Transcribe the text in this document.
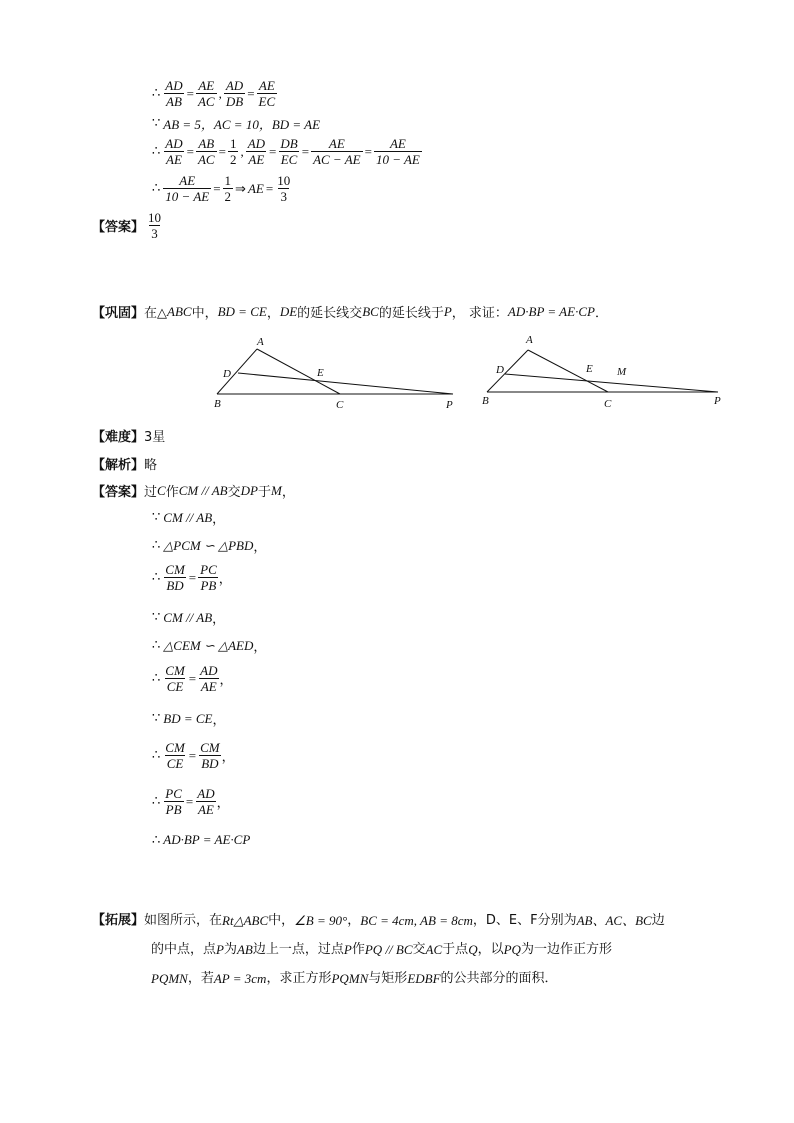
∴ $\frac{AD}{AB} = \frac{AE}{AC}$ , $\frac{AD}{DB} = \frac{AE}{EC}$
∵ AB = 5，AC = 10，BD = AE
∴ $\frac{AD}{AE} = \frac{AB}{AC} = \frac{1}{2}$ , $\frac{AD}{AE} = \frac{DB}{EC} = \frac{AE}{AC - AE} = \frac{AE}{10 - AE}$
∴ $\frac{AE}{10 - AE} = \frac{1}{2}$ ⇒ AE = $\frac{10}{3}$
【答案】 $\frac{10}{3}$
【巩固】 在△ ABC 中， BD = CE ， DE 的延长线交 BC 的延长线于 P ， 求证： AD·BP = AE·CP ．
A
D	E
B	C	P
A
D	E M
B	C	P
【难度】 3星
【解析】 略
【答案】 过 C 作 CM // AB 交 DP 于 M ，
∵ CM // AB ，
∴ △PCM ∽ △PBD ，
∴ $\frac{CM}{BD} = \frac{PC}{PB}$ ，
∵ CM // AB ，
∴ △CEM ∽ △AED ，
∴ $\frac{CM}{CE} = \frac{AD}{AE}$ ，
∵ BD = CE ，
∴ $\frac{CM}{CE} = \frac{CM}{BD}$ ，
∴ $\frac{PC}{PB} = \frac{AD}{AE}$ ，
∴ AD·BP = AE·CP
【拓展】 如图所示，在 Rt△ABC 中， ∠B = 90° ， BC = 4cm, AB = 8cm ，D、E、F分别为 AB、AC、BC 边
的中点，点 P 为 AB 边上一点，过点 P 作 PQ // BC 交 AC 于点 Q ，以 PQ 为一边作正方形
PQMN ，若 AP = 3cm ，求正方形 PQMN 与矩形 EDBF 的公共部分的面积．
